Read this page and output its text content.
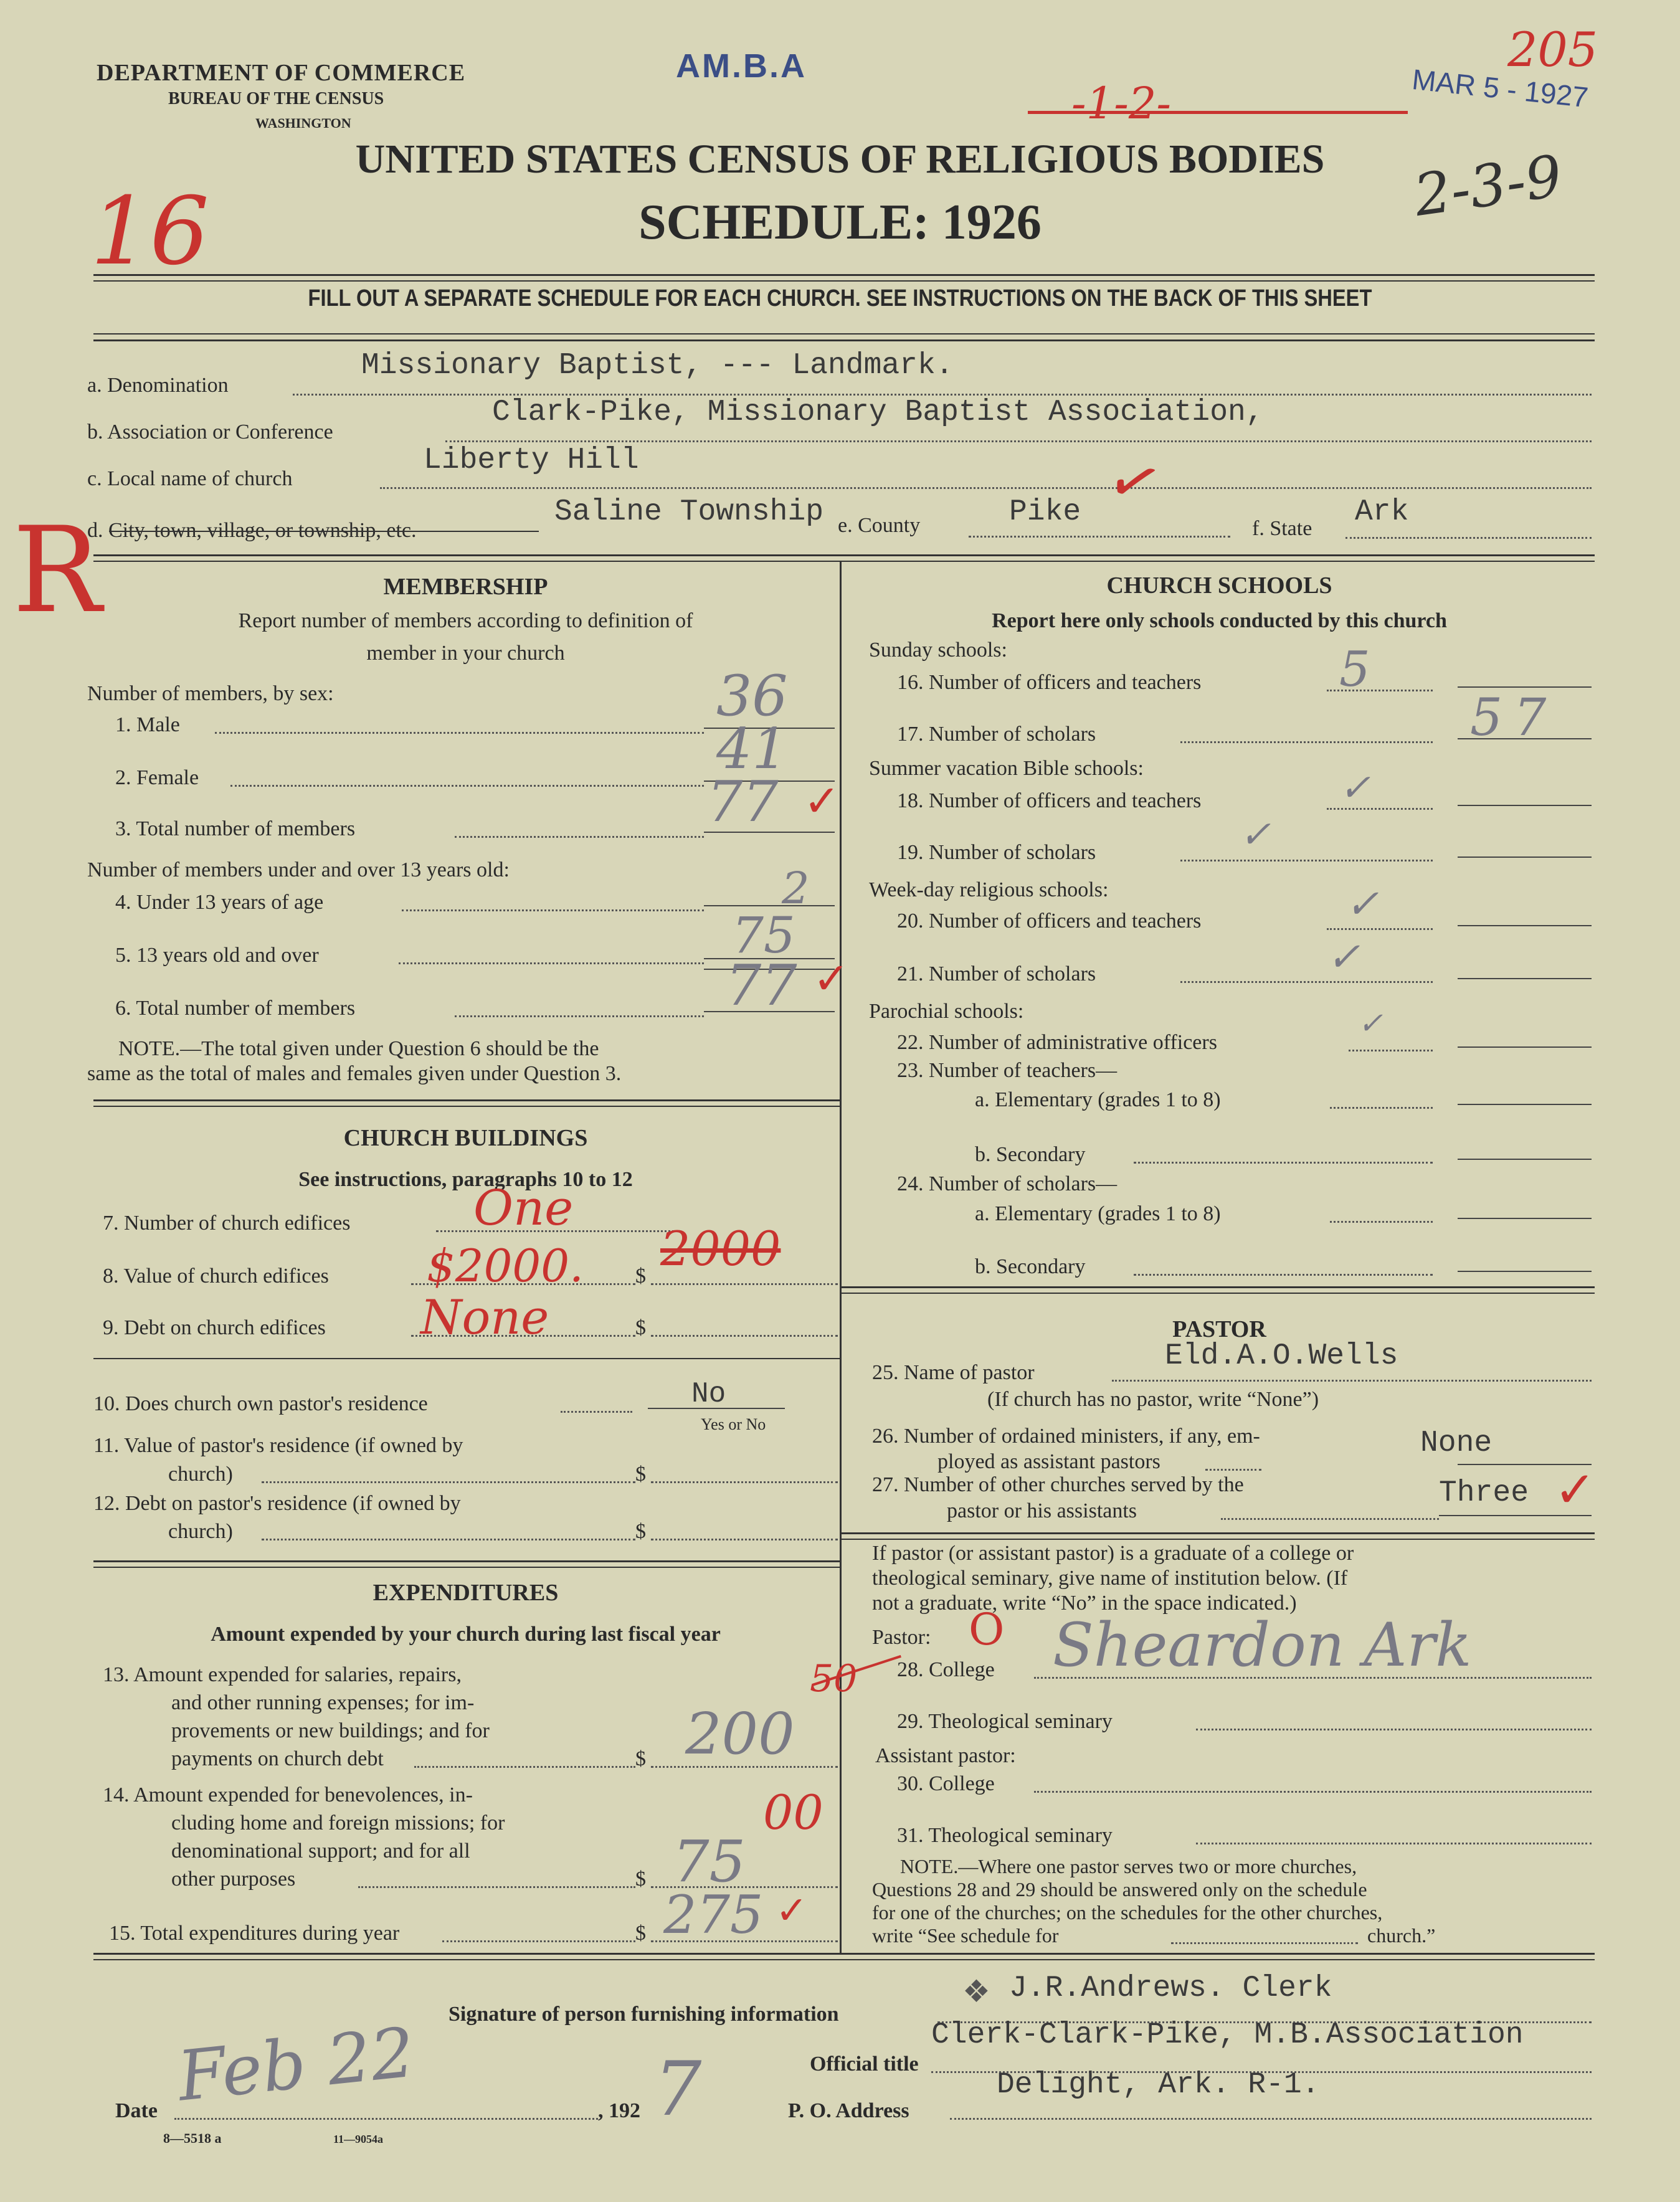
DEPARTMENT OF COMMERCE
BUREAU OF THE CENSUS
WASHINGTON
AM.B.A	MAR 5 - 1927
205
2-3-9
16
R
-1-2-
UNITED STATES CENSUS OF RELIGIOUS BODIES
SCHEDULE: 1926
FILL OUT A SEPARATE SCHEDULE FOR EACH CHURCH. SEE INSTRUCTIONS ON THE BACK OF THIS SHEET
a. Denomination
Missionary Baptist, --- Landmark.
b. Association or Conference
Clark-Pike, Missionary Baptist Association,
c. Local name of church
Liberty Hill	✓
d. City, town, village, or township, etc.
Saline Township e. County	Pike	f. State Ark
MEMBERSHIP
Report number of members according to definition of
member in your church
Number of members, by sex:
1. Male	36
2. Female	41
3. Total number of members	77 ✓
Number of members under and over 13 years old:
4. Under 13 years of age	2
5. 13 years old and over	75
6. Total number of members	77 ✓
NOTE.—The total given under Question 6 should be the
same as the total of males and females given under Question 3.
CHURCH BUILDINGS
See instructions, paragraphs 10 to 12
7. Number of church edifices	One
8. Value of church edifices $2000. $ 2000
9. Debt on church edifices None	$
10. Does church own pastor's residence	No
Yes or No
11. Value of pastor's residence (if owned by
church)	$
12. Debt on pastor's residence (if owned by
church)	$
EXPENDITURES
Amount expended by your church during last fiscal year
13. Amount expended for salaries, repairs,
and other running expenses; for im-
provements or new buildings; and for
payments on church debt	$ 200
50
14. Amount expended for benevolences, in-
cluding home and foreign missions; for
denominational support; and for all
other purposes	$ 75
00
15. Total expenditures during year	$ 275 ✓
CHURCH SCHOOLS
Report here only schools conducted by this church
Sunday schools:
16. Number of officers and teachers	5
17. Number of scholars	57
Summer vacation Bible schools:
18. Number of officers and teachers	✓
19. Number of scholars	✓
Week-day religious schools:
20. Number of officers and teachers	✓
21. Number of scholars	✓
Parochial schools:
22. Number of administrative officers
✓
23. Number of teachers—
a. Elementary (grades 1 to 8)
b. Secondary
24. Number of scholars—
a. Elementary (grades 1 to 8)
b. Secondary
PASTOR
25. Name of pastor	Eld.A.O.Wells
(If church has no pastor, write “None”)
26. Number of ordained ministers, if any, em-
ployed as assistant pastors
None
27. Number of other churches served by the
pastor or his assistants
Three ✓
If pastor (or assistant pastor) is a graduate of a college or
theological seminary, give name of institution below. (If
not a graduate, write “No” in the space indicated.)
Pastor: O
28. College Sheardon Ark
29. Theological seminary
Assistant pastor:
30. College
31. Theological seminary
NOTE.—Where one pastor serves two or more churches,
Questions 28 and 29 should be answered only on the schedule
for one of the churches; on the schedules for the other churches,
write “See schedule for	church.”
Signature of person furnishing information
❖ J.R.Andrews. Clerk
Official title
Clerk-Clark-Pike, M.B.Association
Date Feb 22	, 192 7	P. O. Address
Delight, Ark. R-1.
8—5518 a	11—9054a
